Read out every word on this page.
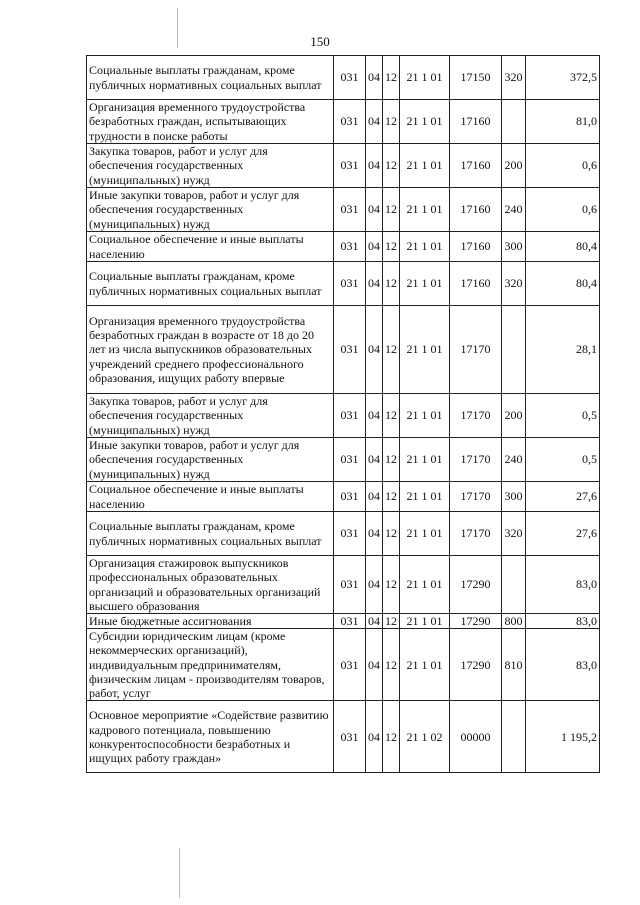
150
Социальные выплаты гражданам, кроме публичных нормативных социальных выплат	031	04	12	21 1 01	17150	320	372,5
Организация временного трудоустройства безработных граждан, испытывающих трудности в поиске работы	031	04	12	21 1 01	17160		81,0
Закупка товаров, работ и услуг для обеспечения государственных (муниципальных) нужд	031	04	12	21 1 01	17160	200	0,6
Иные закупки товаров, работ и услуг для обеспечения государственных (муниципальных) нужд	031	04	12	21 1 01	17160	240	0,6
Социальное обеспечение и иные выплаты населению	031	04	12	21 1 01	17160	300	80,4
Социальные выплаты гражданам, кроме публичных нормативных социальных выплат	031	04	12	21 1 01	17160	320	80,4
Организация временного трудоустройства безработных граждан в возрасте от 18 до 20 лет из числа выпускников образовательных учреждений среднего профессионального образования, ищущих работу впервые	031	04	12	21 1 01	17170		28,1
Закупка товаров, работ и услуг для обеспечения государственных (муниципальных) нужд	031	04	12	21 1 01	17170	200	0,5
Иные закупки товаров, работ и услуг для обеспечения государственных (муниципальных) нужд	031	04	12	21 1 01	17170	240	0,5
Социальное обеспечение и иные выплаты населению	031	04	12	21 1 01	17170	300	27,6
Социальные выплаты гражданам, кроме публичных нормативных социальных выплат	031	04	12	21 1 01	17170	320	27,6
Организация стажировок выпускников профессиональных образовательных организаций и образовательных организаций высшего образования	031	04	12	21 1 01	17290		83,0
Иные бюджетные ассигнования	031	04	12	21 1 01	17290	800	83,0
Субсидии юридическим лицам (кроме некоммерческих организаций), индивидуальным предпринимателям, физическим лицам - производителям товаров, работ, услуг	031	04	12	21 1 01	17290	810	83,0
Основное мероприятие «Содействие развитию кадрового потенциала, повышению конкурентоспособности безработных и ищущих работу граждан»	031	04	12	21 1 02	00000		1 195,2
